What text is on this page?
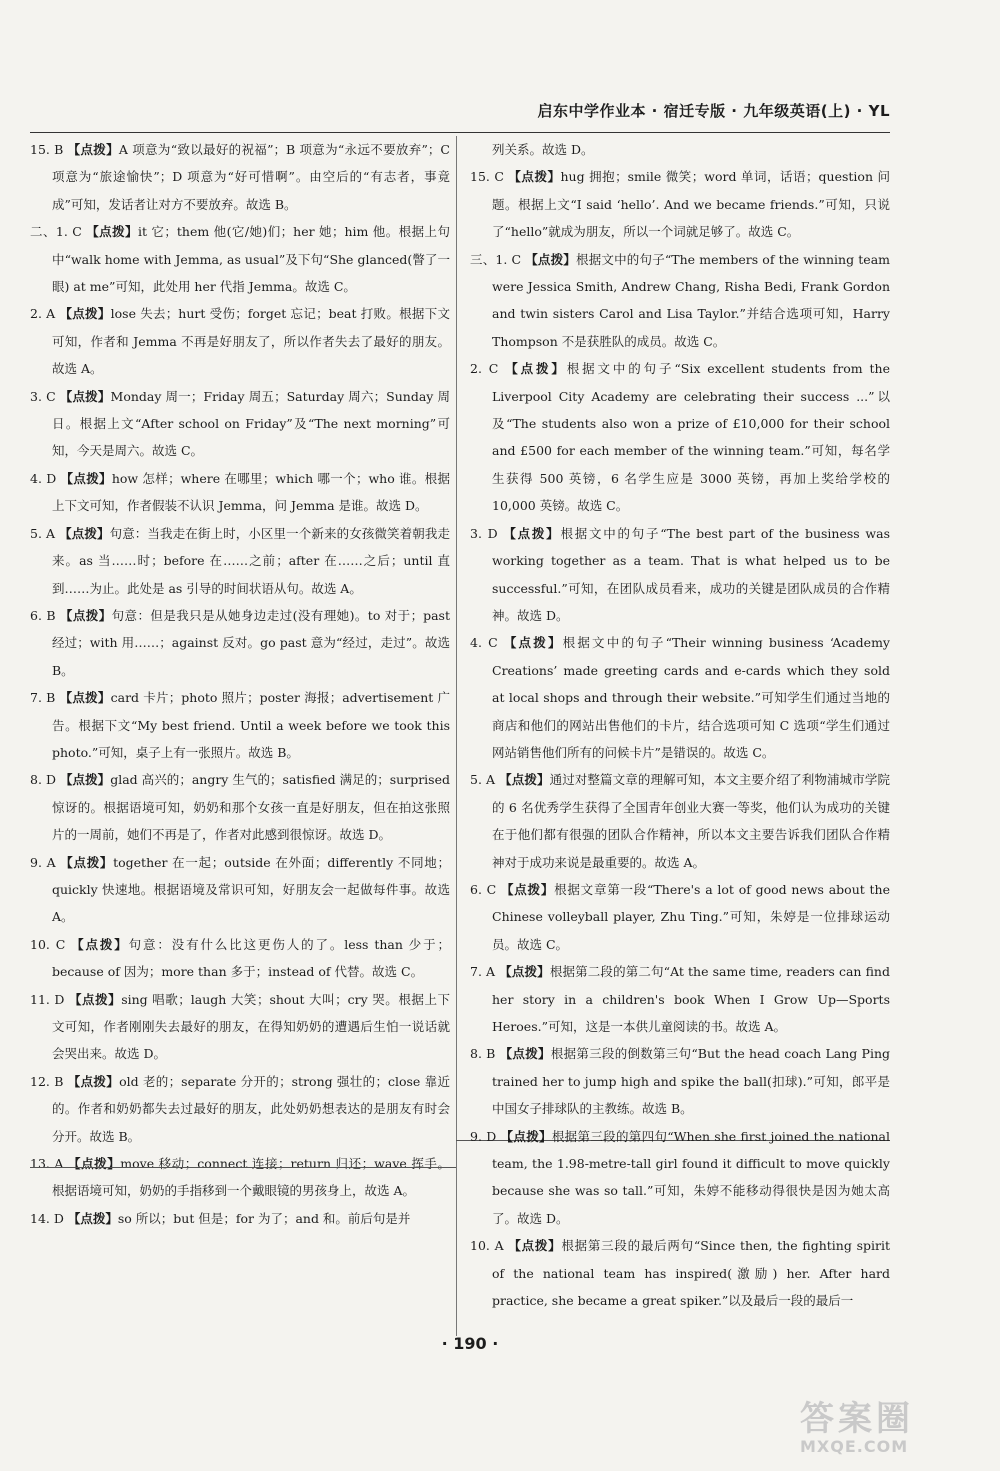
启东中学作业本 · 宿迁专版 · 九年级英语(上) · YL

15. B 【点拨】A 项意为“致以最好的祝福”；B 项意为“永远不要放弃”；C 项意为“旅途愉快”；D 项意为“好可惜啊”。由空后的“有志者，事竟成”可知，发话者让对方不要放弃。故选 B。

二、1. C 【点拨】it 它；them 他(它/她)们；her 她；him 他。根据上句中“walk home with Jemma, as usual”及下句“She glanced(瞥了一眼) at me”可知，此处用 her 代指 Jemma。故选 C。

2. A 【点拨】lose 失去；hurt 受伤；forget 忘记；beat 打败。根据下文可知，作者和 Jemma 不再是好朋友了，所以作者失去了最好的朋友。故选 A。

3. C 【点拨】Monday 周一；Friday 周五；Saturday 周六；Sunday 周日。根据上文“After school on Friday”及“The next morning”可知，今天是周六。故选 C。

4. D 【点拨】how 怎样；where 在哪里；which 哪一个；who 谁。根据上下文可知，作者假装不认识 Jemma，问 Jemma 是谁。故选 D。

5. A 【点拨】句意：当我走在街上时，小区里一个新来的女孩微笑着朝我走来。as 当……时；before 在……之前；after 在……之后；until 直到……为止。此处是 as 引导的时间状语从句。故选 A。

6. B 【点拨】句意：但是我只是从她身边走过(没有理她)。to 对于；past 经过；with 用……；against 反对。go past 意为“经过，走过”。故选 B。

7. B 【点拨】card 卡片；photo 照片；poster 海报；advertisement 广告。根据下文“My best friend. Until a week before we took this photo.”可知，桌子上有一张照片。故选 B。

8. D 【点拨】glad 高兴的；angry 生气的；satisfied 满足的；surprised 惊讶的。根据语境可知，奶奶和那个女孩一直是好朋友，但在拍这张照片的一周前，她们不再是了，作者对此感到很惊讶。故选 D。

9. A 【点拨】together 在一起；outside 在外面；differently 不同地；quickly 快速地。根据语境及常识可知，好朋友会一起做每件事。故选 A。

10. C 【点拨】句意：没有什么比这更伤人的了。less than 少于；because of 因为；more than 多于；instead of 代替。故选 C。

11. D 【点拨】sing 唱歌；laugh 大笑；shout 大叫；cry 哭。根据上下文可知，作者刚刚失去最好的朋友，在得知奶奶的遭遇后生怕一说话就会哭出来。故选 D。

12. B 【点拨】old 老的；separate 分开的；strong 强壮的；close 靠近的。作者和奶奶都失去过最好的朋友，此处奶奶想表达的是朋友有时会分开。故选 B。

13. A 【点拨】move 移动；connect 连接；return 归还；wave 挥手。根据语境可知，奶奶的手指移到一个戴眼镜的男孩身上，故选 A。

14. D 【点拨】so 所以；but 但是；for 为了；and 和。前后句是并

列关系。故选 D。

15. C 【点拨】hug 拥抱；smile 微笑；word 单词，话语；question 问题。根据上文“I said ‘hello’. And we became friends.”可知，只说了“hello”就成为朋友，所以一个词就足够了。故选 C。

三、1. C 【点拨】根据文中的句子“The members of the winning team were Jessica Smith, Andrew Chang, Risha Bedi, Frank Gordon and twin sisters Carol and Lisa Taylor.”并结合选项可知，Harry Thompson 不是获胜队的成员。故选 C。

2. C 【点拨】根据文中的句子“Six excellent students from the Liverpool City Academy are celebrating their success ...”以及“The students also won a prize of £10,000 for their school and £500 for each member of the winning team.”可知，每名学生获得 500 英镑，6 名学生应是 3000 英镑，再加上奖给学校的 10,000 英镑。故选 C。

3. D 【点拨】根据文中的句子“The best part of the business was working together as a team. That is what helped us to be successful.”可知，在团队成员看来，成功的关键是团队成员的合作精神。故选 D。

4. C 【点拨】根据文中的句子“Their winning business ‘Academy Creations’ made greeting cards and e-cards which they sold at local shops and through their website.”可知学生们通过当地的商店和他们的网站出售他们的卡片，结合选项可知 C 选项“学生们通过网站销售他们所有的问候卡片”是错误的。故选 C。

5. A 【点拨】通过对整篇文章的理解可知，本文主要介绍了利物浦城市学院的 6 名优秀学生获得了全国青年创业大赛一等奖，他们认为成功的关键在于他们都有很强的团队合作精神，所以本文主要告诉我们团队合作精神对于成功来说是最重要的。故选 A。

6. C 【点拨】根据文章第一段“There's a lot of good news about the Chinese volleyball player, Zhu Ting.”可知，朱婷是一位排球运动员。故选 C。

7. A 【点拨】根据第二段的第二句“At the same time, readers can find her story in a children's book When I Grow Up—Sports Heroes.”可知，这是一本供儿童阅读的书。故选 A。

8. B 【点拨】根据第三段的倒数第三句“But the head coach Lang Ping trained her to jump high and spike the ball(扣球).”可知，郎平是中国女子排球队的主教练。故选 B。

9. D 【点拨】根据第三段的第四句“When she first joined the national team, the 1.98-metre-tall girl found it difficult to move quickly because she was so tall.”可知，朱婷不能移动得很快是因为她太高了。故选 D。

10. A 【点拨】根据第三段的最后两句“Since then, the fighting spirit of the national team has inspired(激励) her. After hard practice, she became a great spiker.”以及最后一段的最后一

· 190 ·
答案圈
MXQE.COM
